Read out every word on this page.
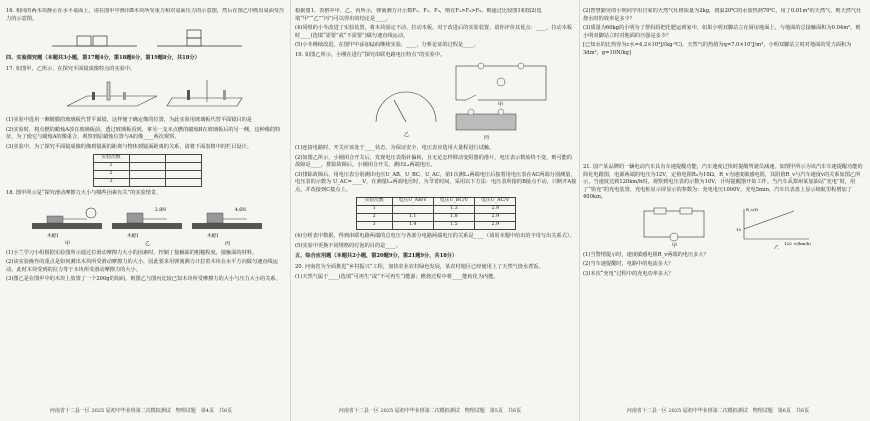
16. 相同的两木块静止在水平桌面上，请在图甲中画出B木块所受重力和对桌面压力的示意图，然后在图乙中画出桌面受压力的示意图。

四、实验探究题（本题共3小题，第17题4分，第18题6分，第19题8分，共18分）

17. 如图甲、乙所示，在探究平面镜成像特点的实验中。

(1)实验中选用一侧镀膜的玻璃板代替平面镜，这样便于确定像的位置，为此实验用玻璃板代替平面镜目的是

(2)实验时，将点燃的蜡烛A放在玻璃板前，透过玻璃板看到，拿另一支未点燃的蜡烛B在玻璃板后的另一侧，这种像的特征，为了使它与蜡烛A的像重合，观察到原蜡烛位置与A的像____两次观察。

(3)实验中，为了探究平面镜成像的像到镜面的距离与物体到镜面距离的关系，请将下面表格中的栏目设计。

实验次数		
1		
2		
3		

18. 图甲所示是“探究滑动摩擦力大小与哪些因素有关”的实验情景。

木板1
甲
木板1
乙
木板1
丙
2.8N	4.6N

(1)小兰学习小组根据实验图所示通过拉滑动摩擦力大小的因素时，控制了接触面的粗糙程度，接触面的材料。

(2)该实验操作的重点是如何测出木块所受滑动摩擦力的大小，因此要求用弹簧测力计拉着木块在水平方向做匀速直线运动。此时木块受到的拉力等于木块所受滑动摩擦力的大小。

(3)图乙是在图甲中的木块上放置了一个200g的钩码，则图乙与图丙比较已知木块所受摩擦力的大小与压力大小的关系。

河南省十二县一区 2025 届初中毕业班第二次模拟测试　物理试题　第4页　共6页

根据图1，表格中甲、乙、丙所示，弹簧测力计示数F₁、F₂、F₃，则在F₁>F₂>F₃。则通过比较图1和图2(选填“甲”“乙”“丙”)可以得出的结论是____。

(4)同组的小冬改进了实验装置，将木块固定不动，拉动木板，对于改进后的实验装置，请你评价其优点：____，拉动木板时____(选填“需要”或“不需要”)做匀速直线运动。

(5)小冬继续改进，在图甲中添加砝码继续实验，____，分析论证的过程是____。

19. 如图乙所示，小刚在进行“探究串联电路电压特点”的实验中。

甲
乙	丙

(1)连接电路时，开关应该处于____状态，为保证安全，电压表应选用大量程进行试触。

(2)如图乙所示，小刚闭合开关后，发现电压表指针偏转，且无论怎样移动变阻器的滑片，电压表示数始终不变，则可能的故障是____，排除故障后，小刚闭合开关，测出L₁两端电压。

(3)排除故障后，用电压表分别测出电压U_AB、U_BC、U_AC，第1次测L₁两端电压后接着用电压表在AC两端分别测量，电压表的示数为 U_AC=____V，在测量L₂两端电压时，为节省时间，采用以下方法：电压表所接的B接点不动，只断开A接点，并改接到C接点上。

实验次数	电压U_AB/V	电压U_BC/V	电压U_AC/V
1		1.3	2.9
2	1.1	1.8	2.9
3	1.4	1.5	2.9

(4)分析表中数据，得到串联电路两端的总电压与各部分电路两端电压的关系是____（请用本题中给出的字母写出关系式）。

(5)实验中更换不同规格的灯泡的目的是____。

五、综合应用题（本题共2小题，第20题9分，第21题9分，共18分）

20. 河南省为全面推进“乡村振兴”工程，加快农业农村绿色发展，某农村地区已经使用上了天然气烧水煮饭。

(1)天然气属于____(选填“可再生”或“不可再生”)能源；燃烧过程中将____能转化为内能。

河南省十二县一区 2025 届初中毕业班第二次模拟测试　物理试题　第5页　共6页

(2)智慧勤劳的小明同学用自家的天然气灶将质量为2kg，初温20℃的水加热到70℃，用了0.01m³的天然气，则天然气灶烧水时的效率是多少？

(3)质量为60kg的小明为了帮妈妈把化肥运到家中，如果小明双脚站立在厨房地面上，与地面的总接触面积为0.04m²，则小明双脚站立时对地面的压强是多少？

[已知水的比热容为c水=4.2×10³J/(kg·℃)，天然气的热值为q=7.0×10⁷J/m³，小明双脚站立时对地面的受力面积为3dm²，g=10N/kg]

21. 国产某品牌的一辆电动汽车具有车速提醒功能，汽车速度过快时提醒驾驶员减速。如图甲所示为该汽车车速提醒功能的简化电路图，电源两端的电压为12V，定值电阻R₀为10Ω，R_v为速度敏感电阻，其阻值R_v与汽车速度v的关系如图乙所示。当速度达到120km/h时，观察到电压表的示数为10V，计时提醒器开始工作。当汽车从郑州某加油站“充电”时，用了“快充”的充电装置，充电桩显示屏显示的参数为：充电电压1000V，充电5min，汽车仪表盘上显示续航里程增加了400km。

甲
R_v/Ω
v/(km/h)
10
120
乙

(1)当警情提示时，速度敏感电阻R_v两端的电压多大？

(2)当车速提醒时，电路中的电流多大？

(3)本次“充电”过程中的充电功率多大？

河南省十二县一区 2025 届初中毕业班第二次模拟测试　物理试题　第6页　共6页
